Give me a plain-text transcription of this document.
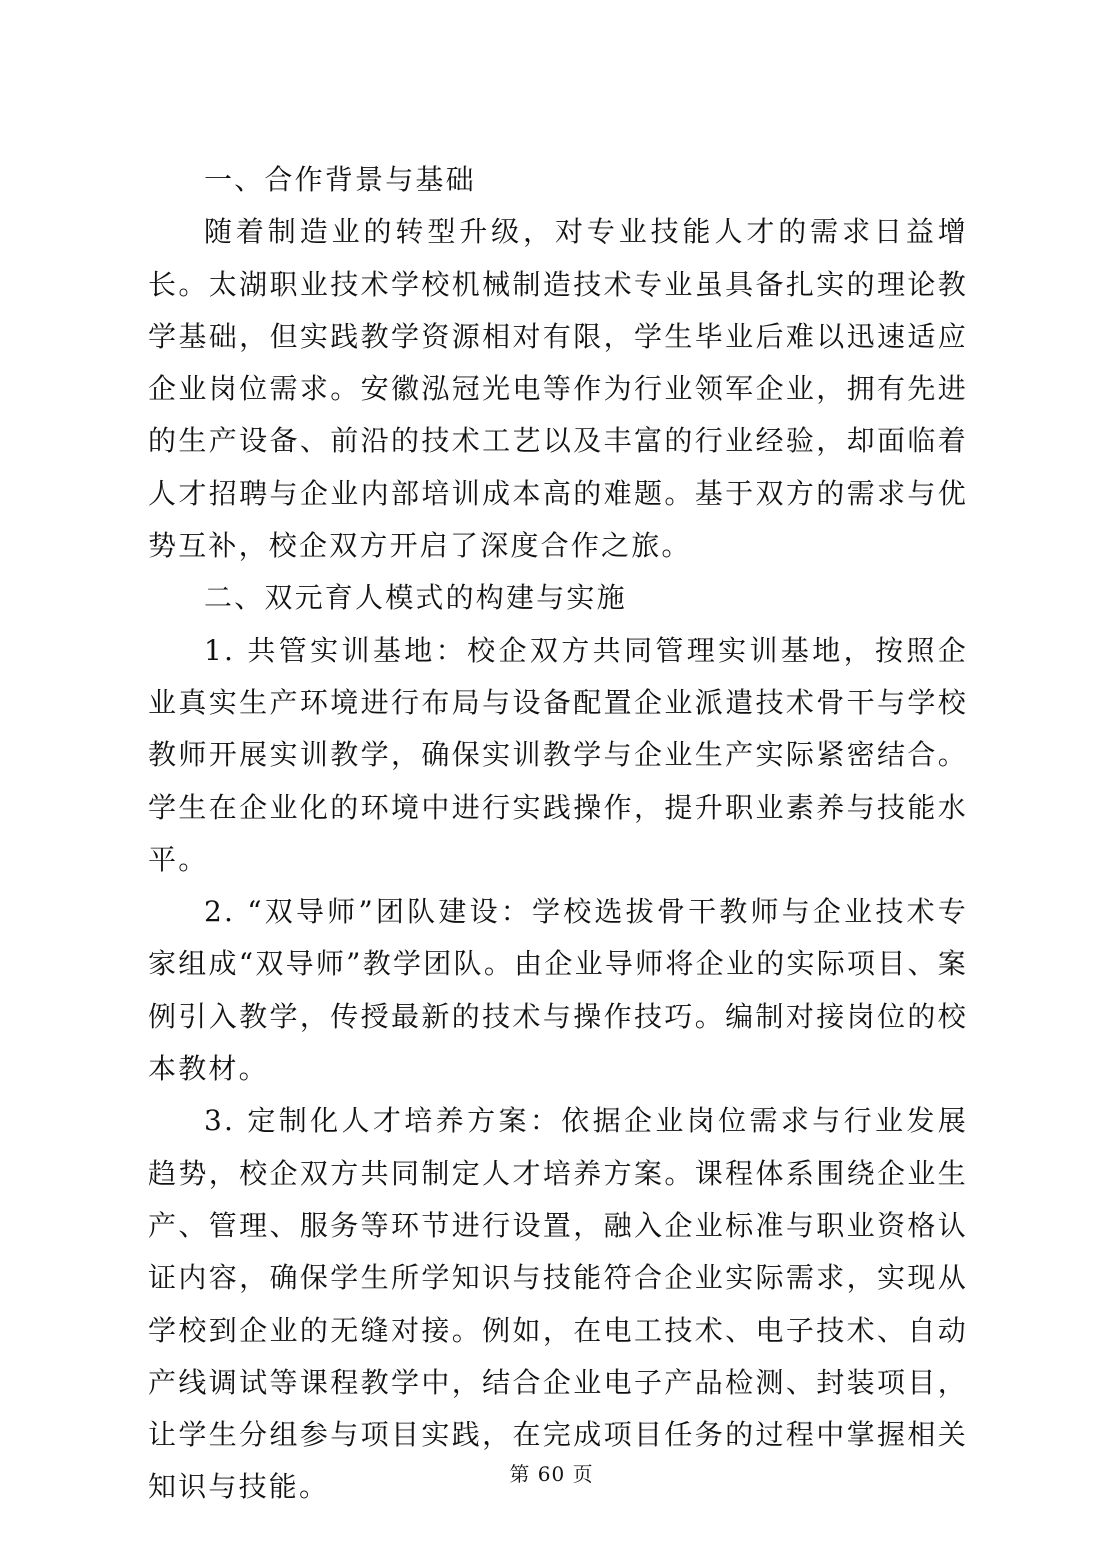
一、合作背景与基础

随着制造业的转型升级，对专业技能人才的需求日益增长。太湖职业技术学校机械制造技术专业虽具备扎实的理论教学基础，但实践教学资源相对有限，学生毕业后难以迅速适应企业岗位需求。安徽泓冠光电等作为行业领军企业，拥有先进的生产设备、前沿的技术工艺以及丰富的行业经验，却面临着人才招聘与企业内部培训成本高的难题。基于双方的需求与优势互补，校企双方开启了深度合作之旅。

二、双元育人模式的构建与实施

1. 共管实训基地：校企双方共同管理实训基地，按照企业真实生产环境进行布局与设备配置企业派遣技术骨干与学校教师开展实训教学，确保实训教学与企业生产实际紧密结合。学生在企业化的环境中进行实践操作，提升职业素养与技能水平。

2. “双导师”团队建设：学校选拔骨干教师与企业技术专家组成“双导师”教学团队。由企业导师将企业的实际项目、案例引入教学，传授最新的技术与操作技巧。编制对接岗位的校本教材。

3. 定制化人才培养方案：依据企业岗位需求与行业发展趋势，校企双方共同制定人才培养方案。课程体系围绕企业生产、管理、服务等环节进行设置，融入企业标准与职业资格认证内容，确保学生所学知识与技能符合企业实际需求，实现从学校到企业的无缝对接。例如，在电工技术、电子技术、自动产线调试等课程教学中，结合企业电子产品检测、封装项目，让学生分组参与项目实践，在完成项目任务的过程中掌握相关知识与技能。	第 60 页
